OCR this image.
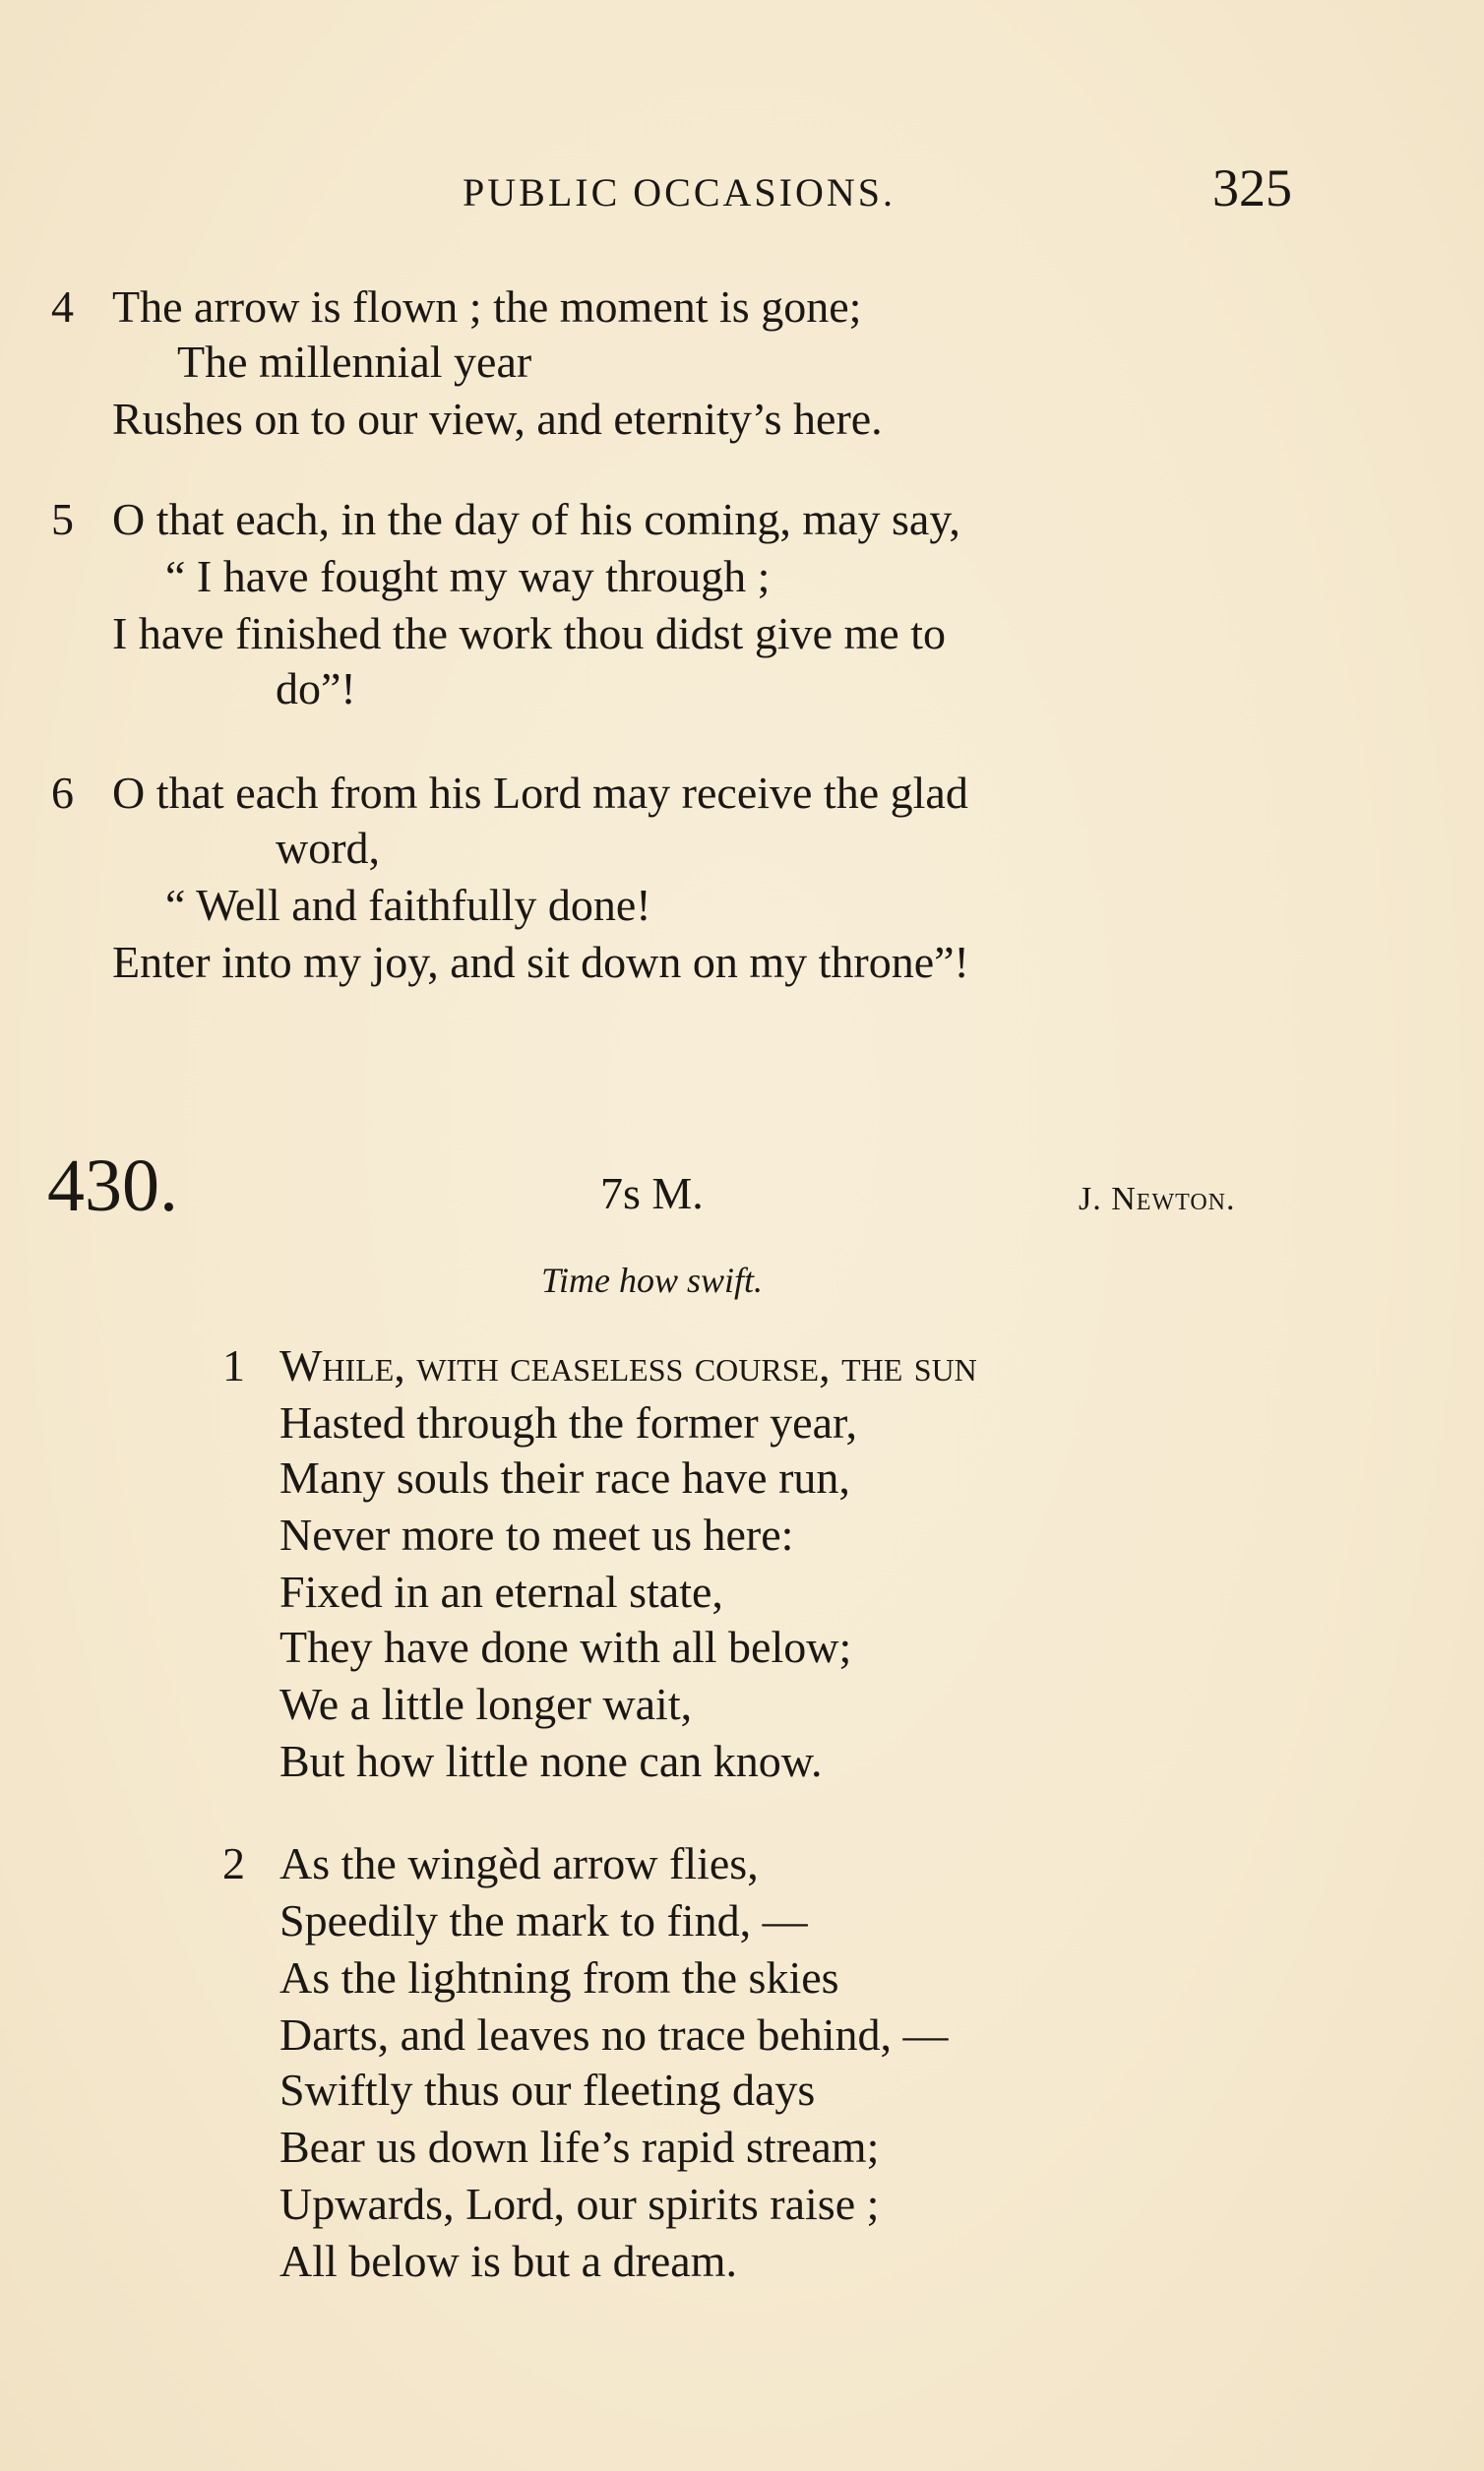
PUBLIC OCCASIONS.	325
4 The arrow is flown ; the moment is gone;
The millennial year
Rushes on to our view, and eternity’s here.
5 O that each, in the day of his coming, may say,
“ I have fought my way through ;
I have finished the work thou didst give me to
do”!
6 O that each from his Lord may receive the glad
word,
“ Well and faithfully done!
Enter into my joy, and sit down on my throne”!
430.	7s M.	J. Newton.
Time how swift.
1 While, with ceaseless course, the sun
Hasted through the former year,
Many souls their race have run,
Never more to meet us here:
Fixed in an eternal state,
They have done with all below;
We a little longer wait,
But how little none can know.
2 As the wingèd arrow flies,
Speedily the mark to find, —
As the lightning from the skies
Darts, and leaves no trace behind, —
Swiftly thus our fleeting days
Bear us down life’s rapid stream;
Upwards, Lord, our spirits raise ;
All below is but a dream.
